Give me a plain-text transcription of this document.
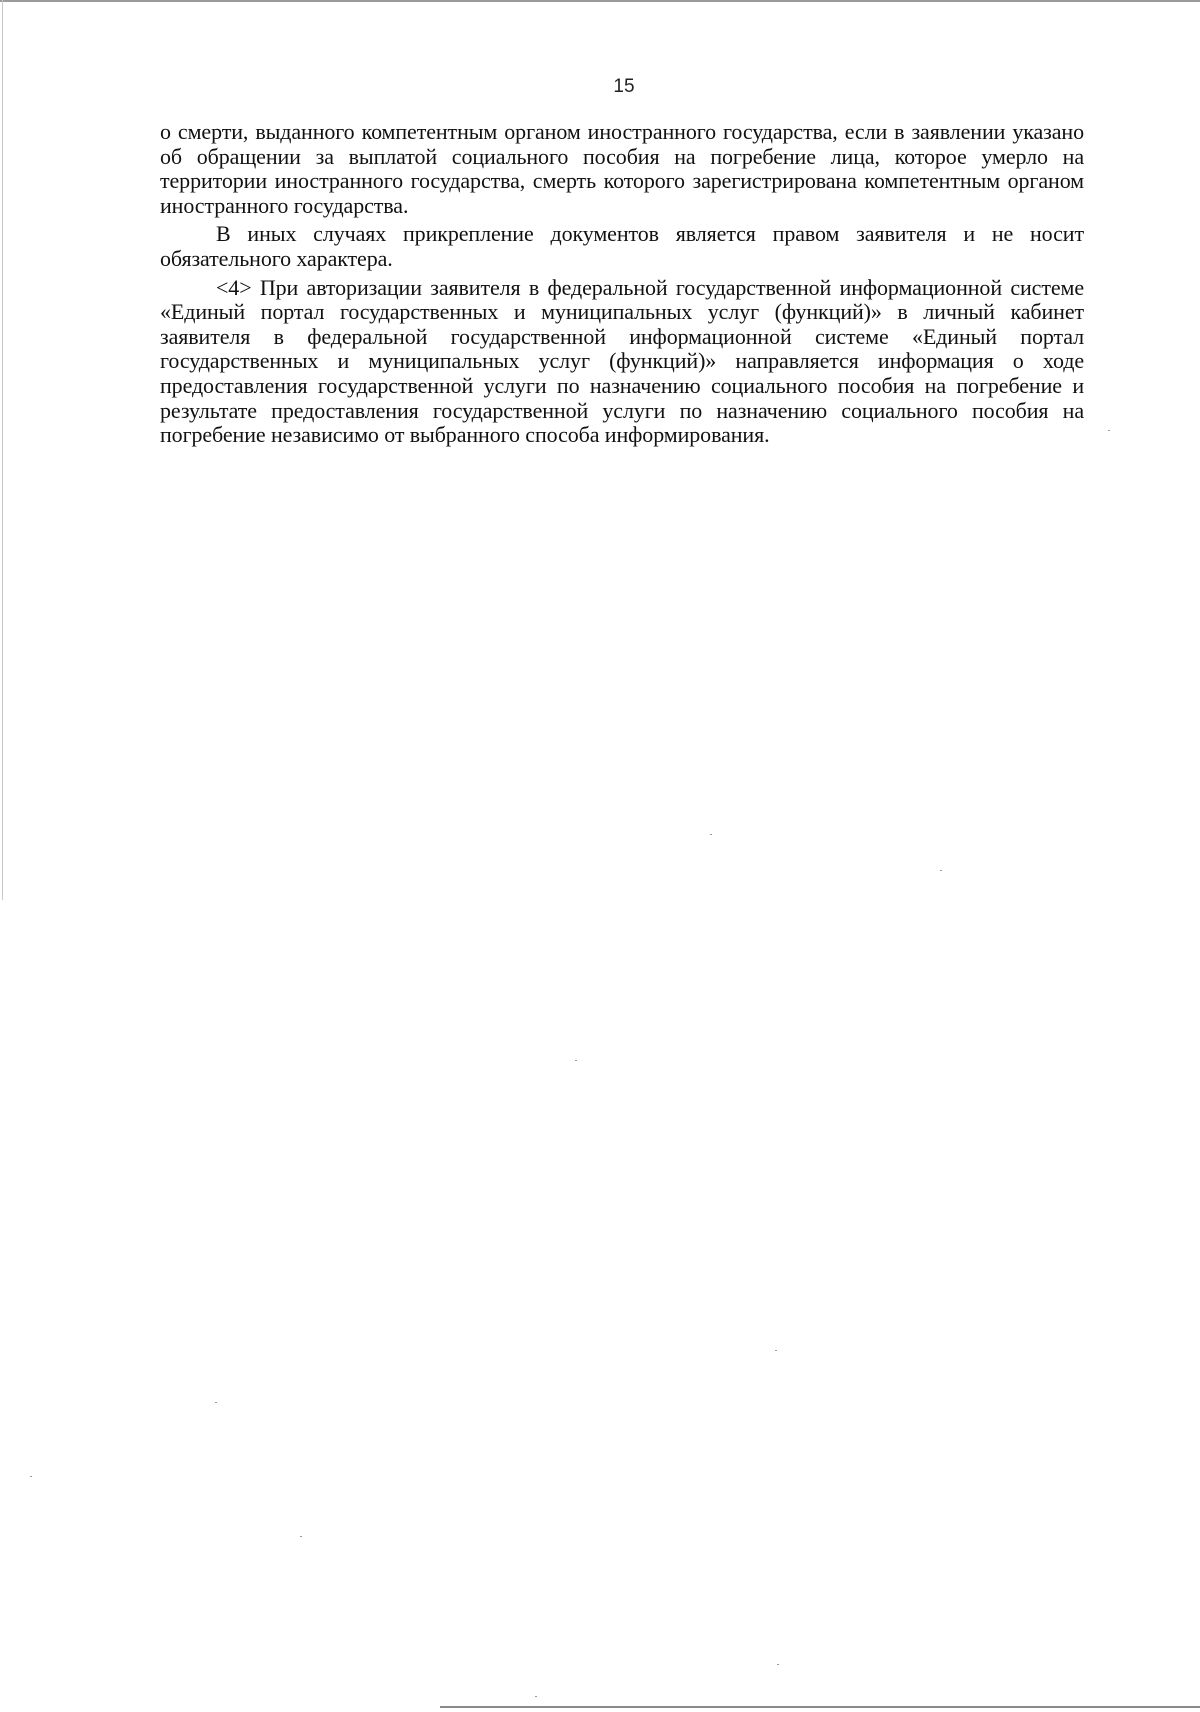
15

о смерти, выданного компетентным органом иностранного государства, если в заявлении указано об обращении за выплатой социального пособия на погребение лица, которое умерло на территории иностранного государства, смерть которого зарегистрирована компетентным органом иностранного государства.

В иных случаях прикрепление документов является правом заявителя и не носит обязательного характера.

<4> При авторизации заявителя в федеральной государственной информационной системе «Единый портал государственных и муниципальных услуг (функций)» в личный кабинет заявителя в федеральной государственной информационной системе «Единый портал государственных и муниципальных услуг (функций)» направляется информация о ходе предоставления государственной услуги по назначению социального пособия на погребение и результате предоставления государственной услуги по назначению социального пособия на погребение независимо от выбранного способа информирования.
